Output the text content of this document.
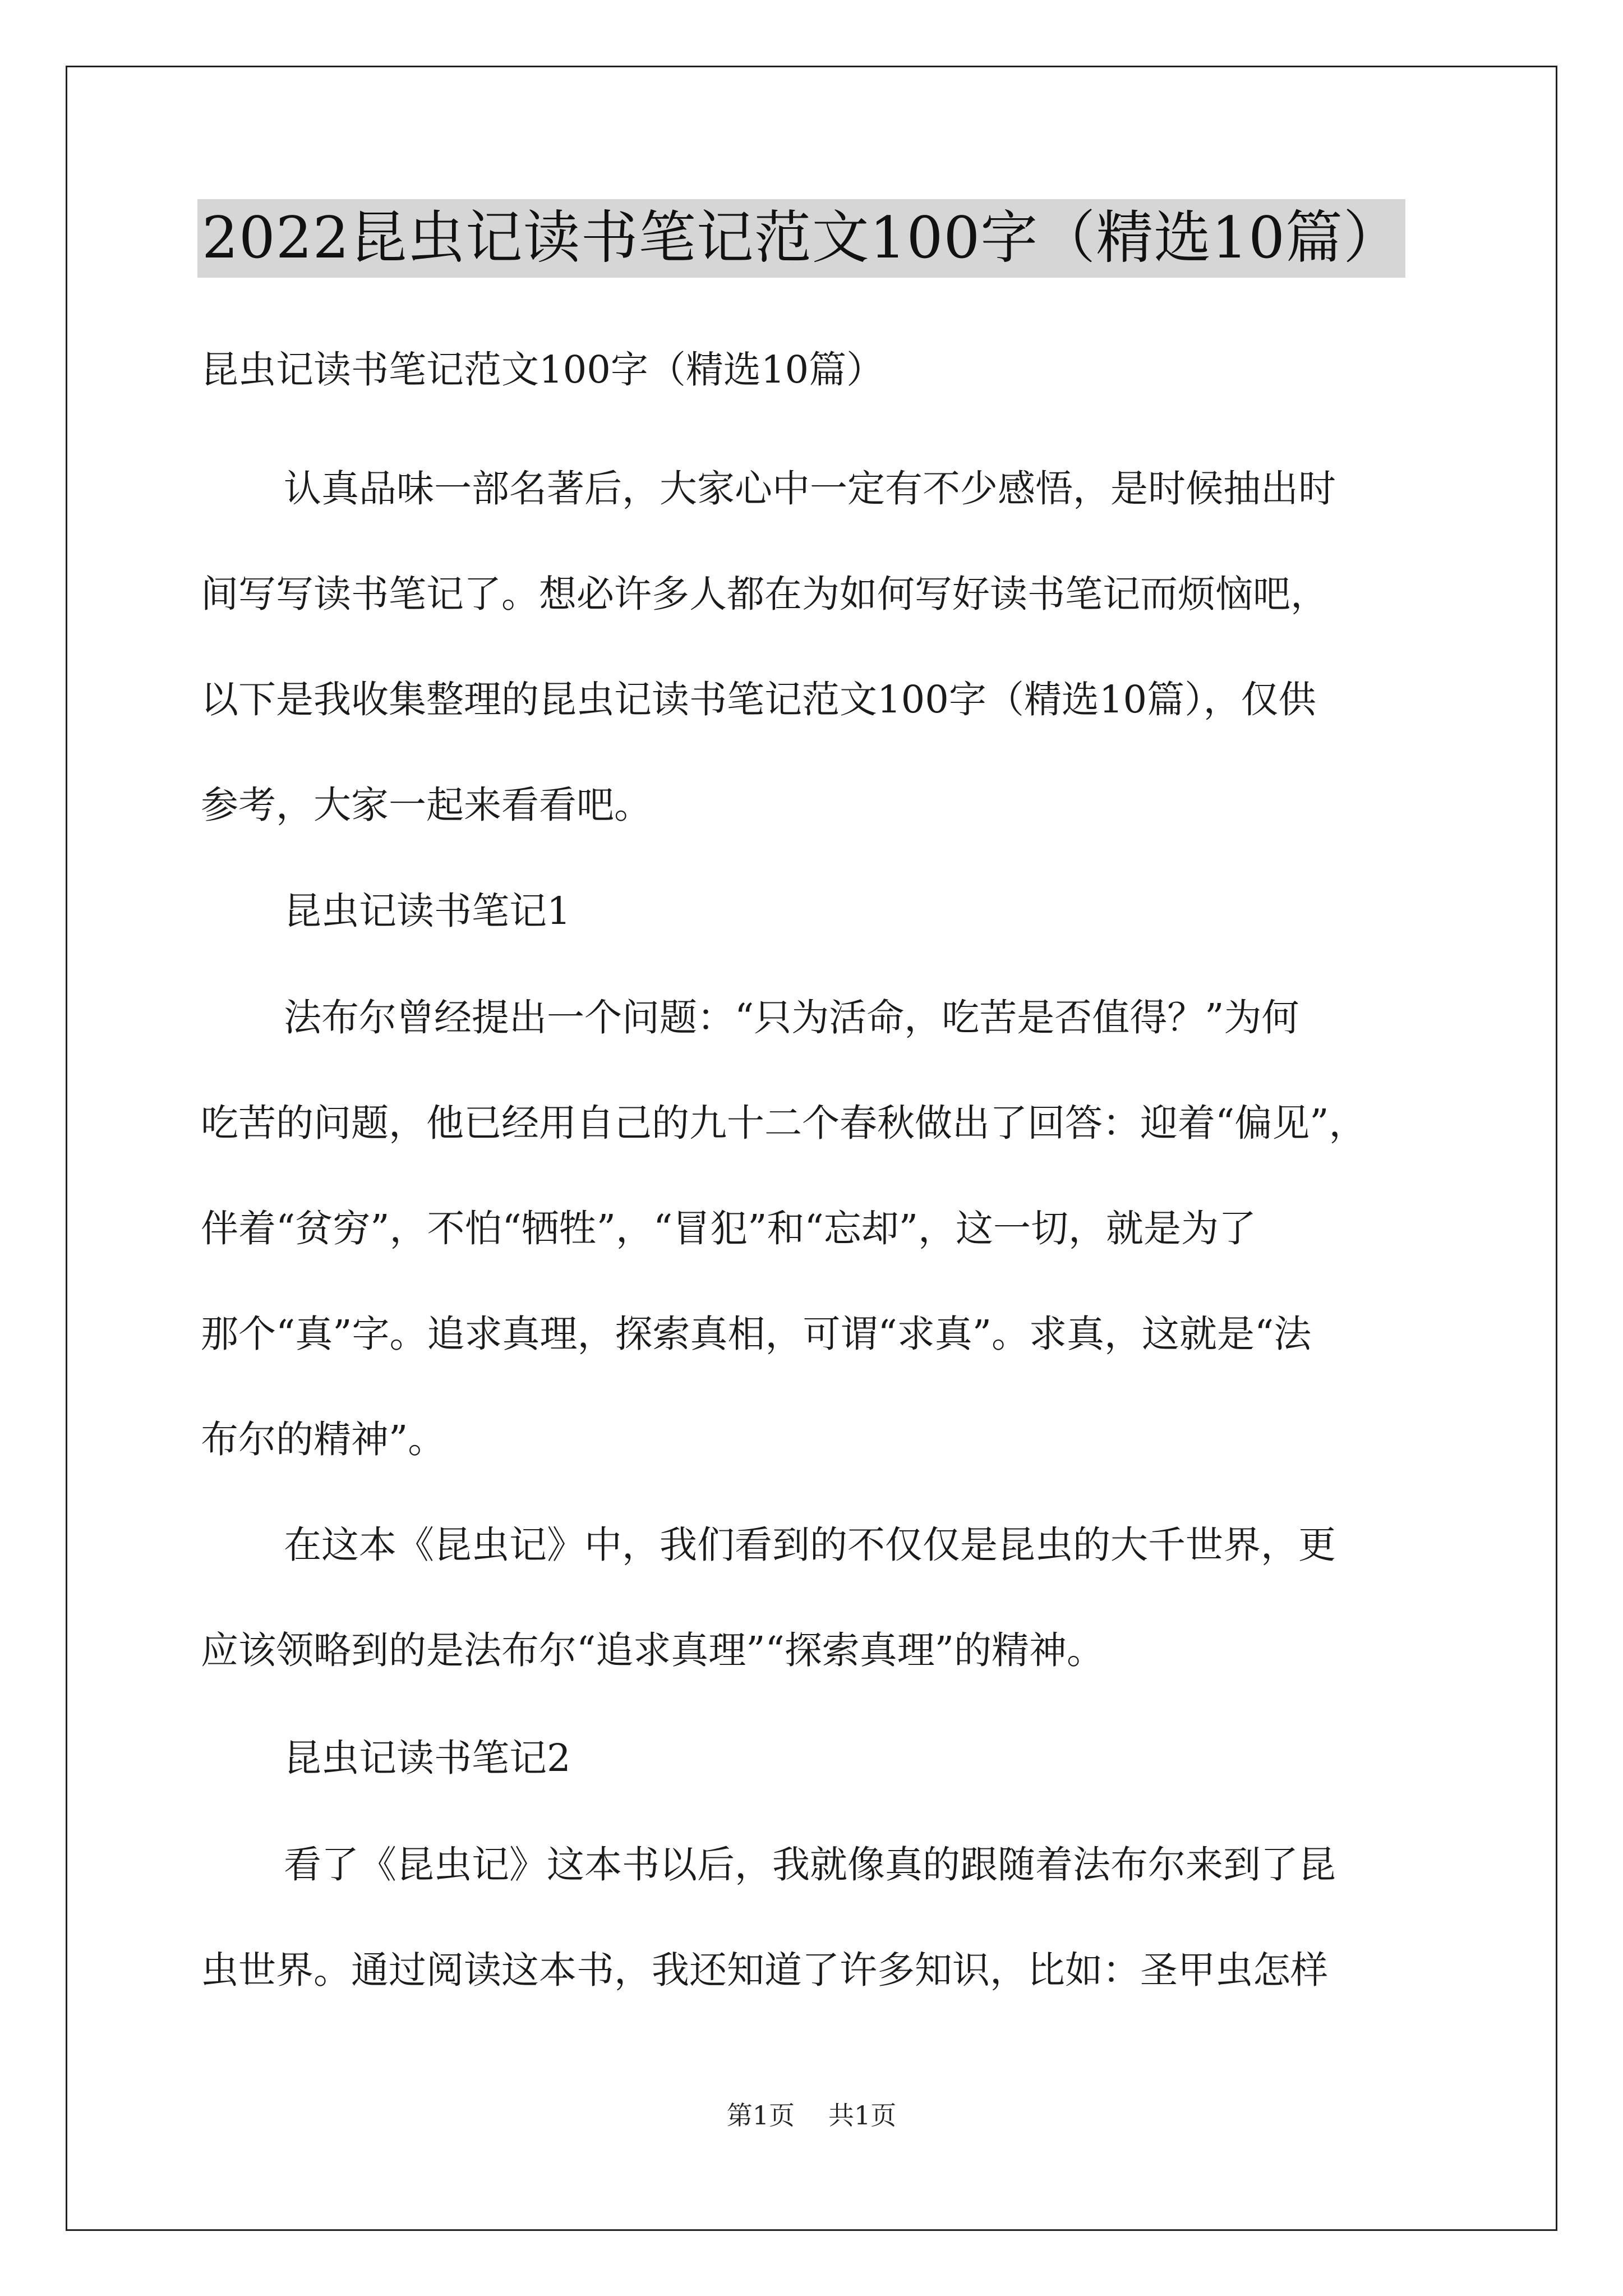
2022昆虫记读书笔记范文100字（精选10篇）
昆虫记读书笔记范文100字（精选10篇）
认真品味一部名著后，大家心中一定有不少感悟，是时候抽出时
间写写读书笔记了。想必许多人都在为如何写好读书笔记而烦恼吧，
以下是我收集整理的昆虫记读书笔记范文100字（精选10篇），仅供
参考，大家一起来看看吧。
昆虫记读书笔记1
法布尔曾经提出一个问题：“只为活命，吃苦是否值得？”为何
吃苦的问题，他已经用自己的九十二个春秋做出了回答：迎着“偏见”，
伴着“贫穷”，不怕“牺牲”，“冒犯”和“忘却”，这一切，就是为了
那个“真”字。追求真理，探索真相，可谓“求真”。求真，这就是“法
布尔的精神”。
在这本《昆虫记》中，我们看到的不仅仅是昆虫的大千世界，更
应该领略到的是法布尔“追求真理”“探索真理”的精神。
昆虫记读书笔记2
看了《昆虫记》这本书以后，我就像真的跟随着法布尔来到了昆
虫世界。通过阅读这本书，我还知道了许多知识，比如：圣甲虫怎样
第1页 共1页
